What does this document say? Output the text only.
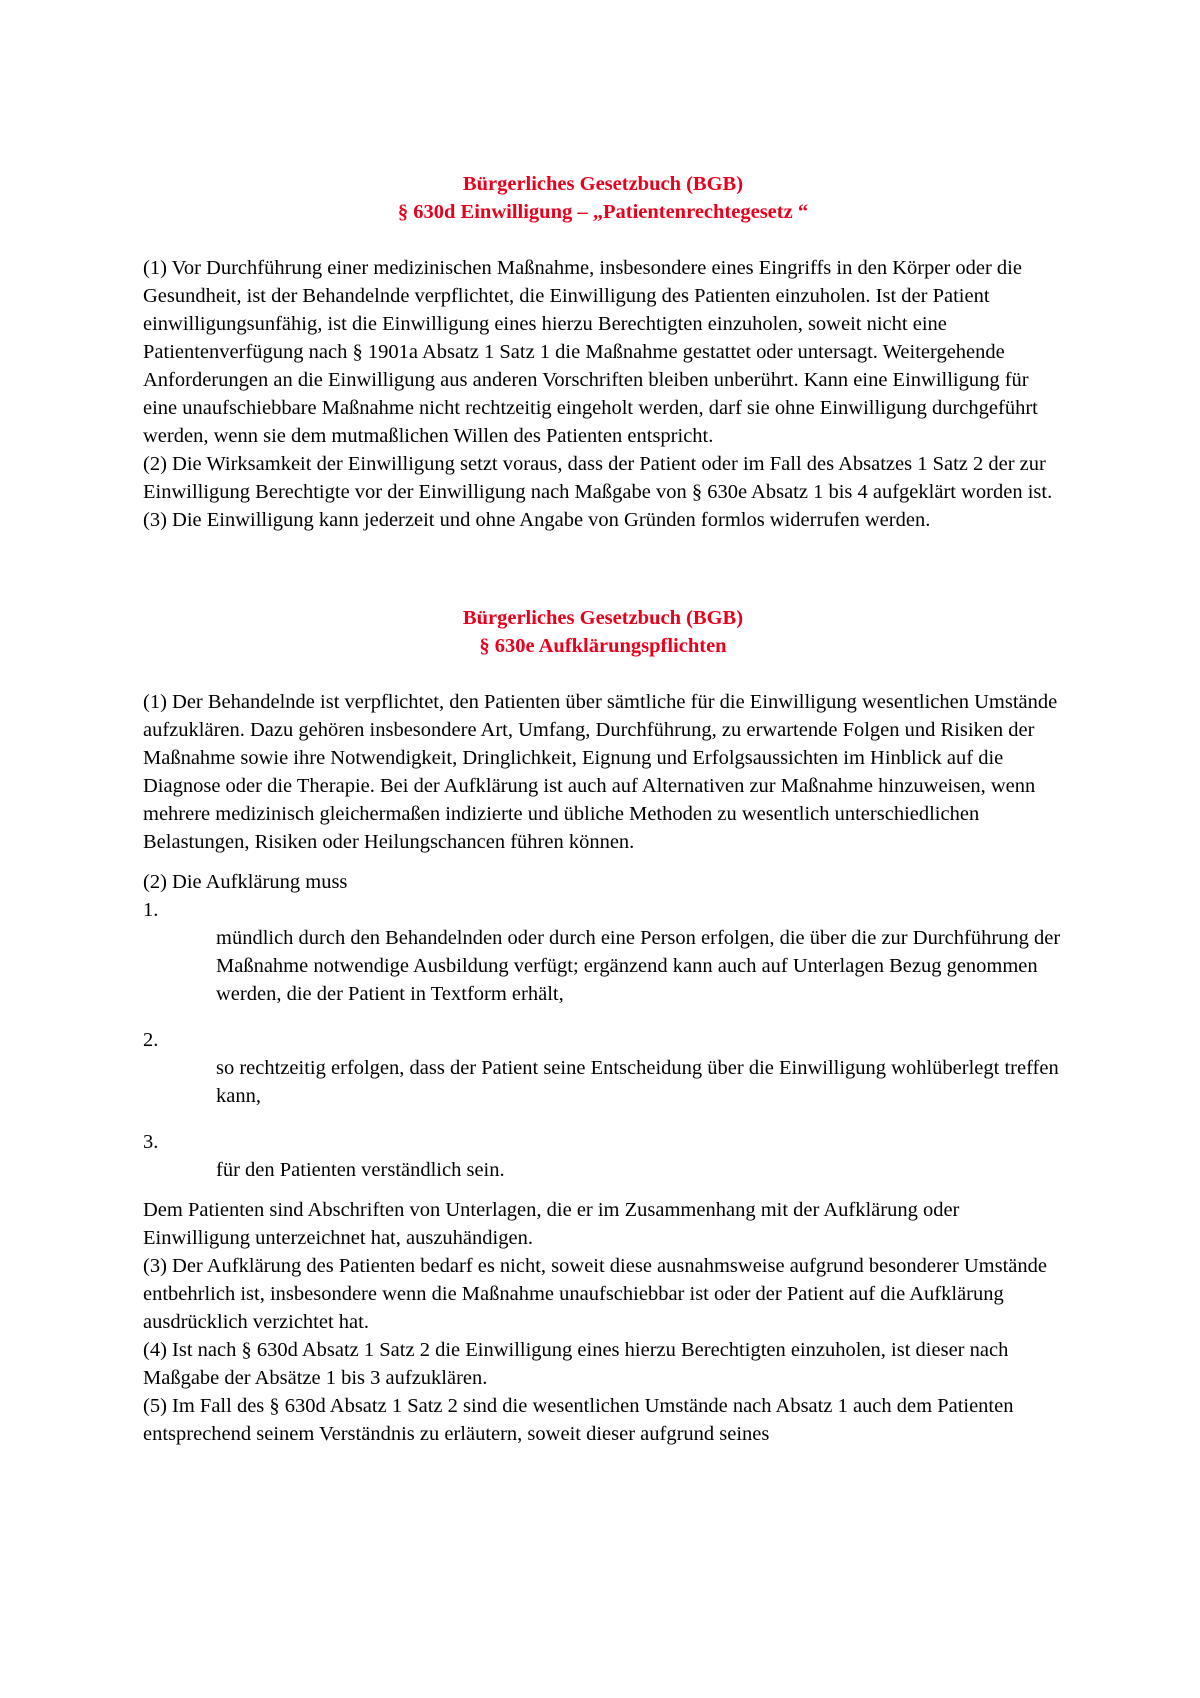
Bürgerliches Gesetzbuch (BGB)

§ 630d Einwilligung – „Patientenrechtegesetz “

(1) Vor Durchführung einer medizinischen Maßnahme, insbesondere eines Eingriffs in den Körper oder die Gesundheit, ist der Behandelnde verpflichtet, die Einwilligung des Patienten einzuholen. Ist der Patient einwilligungsunfähig, ist die Einwilligung eines hierzu Berechtigten einzuholen, soweit nicht eine Patientenverfügung nach § 1901a Absatz 1 Satz 1 die Maßnahme gestattet oder untersagt. Weitergehende Anforderungen an die Einwilligung aus anderen Vorschriften bleiben unberührt. Kann eine Einwilligung für eine unaufschiebbare Maßnahme nicht rechtzeitig eingeholt werden, darf sie ohne Einwilligung durchgeführt werden, wenn sie dem mutmaßlichen Willen des Patienten entspricht.

(2) Die Wirksamkeit der Einwilligung setzt voraus, dass der Patient oder im Fall des Absatzes 1 Satz 2 der zur Einwilligung Berechtigte vor der Einwilligung nach Maßgabe von § 630e Absatz 1 bis 4 aufgeklärt worden ist.

(3) Die Einwilligung kann jederzeit und ohne Angabe von Gründen formlos widerrufen werden.

Bürgerliches Gesetzbuch (BGB)

§ 630e Aufklärungspflichten

(1) Der Behandelnde ist verpflichtet, den Patienten über sämtliche für die Einwilligung wesentlichen Umstände aufzuklären. Dazu gehören insbesondere Art, Umfang, Durchführung, zu erwartende Folgen und Risiken der Maßnahme sowie ihre Notwendigkeit, Dringlichkeit, Eignung und Erfolgsaussichten im Hinblick auf die Diagnose oder die Therapie. Bei der Aufklärung ist auch auf Alternativen zur Maßnahme hinzuweisen, wenn mehrere medizinisch gleichermaßen indizierte und übliche Methoden zu wesentlich unterschiedlichen Belastungen, Risiken oder Heilungschancen führen können.

(2) Die Aufklärung muss

1.

mündlich durch den Behandelnden oder durch eine Person erfolgen, die über die zur Durchführung der Maßnahme notwendige Ausbildung verfügt; ergänzend kann auch auf Unterlagen Bezug genommen werden, die der Patient in Textform erhält,

2.

so rechtzeitig erfolgen, dass der Patient seine Entscheidung über die Einwilligung wohlüberlegt treffen kann,

3.

für den Patienten verständlich sein.

Dem Patienten sind Abschriften von Unterlagen, die er im Zusammenhang mit der Aufklärung oder Einwilligung unterzeichnet hat, auszuhändigen.

(3) Der Aufklärung des Patienten bedarf es nicht, soweit diese ausnahmsweise aufgrund besonderer Umstände entbehrlich ist, insbesondere wenn die Maßnahme unaufschiebbar ist oder der Patient auf die Aufklärung ausdrücklich verzichtet hat.

(4) Ist nach § 630d Absatz 1 Satz 2 die Einwilligung eines hierzu Berechtigten einzuholen, ist dieser nach Maßgabe der Absätze 1 bis 3 aufzuklären.

(5) Im Fall des § 630d Absatz 1 Satz 2 sind die wesentlichen Umstände nach Absatz 1 auch dem Patienten entsprechend seinem Verständnis zu erläutern, soweit dieser aufgrund seines
